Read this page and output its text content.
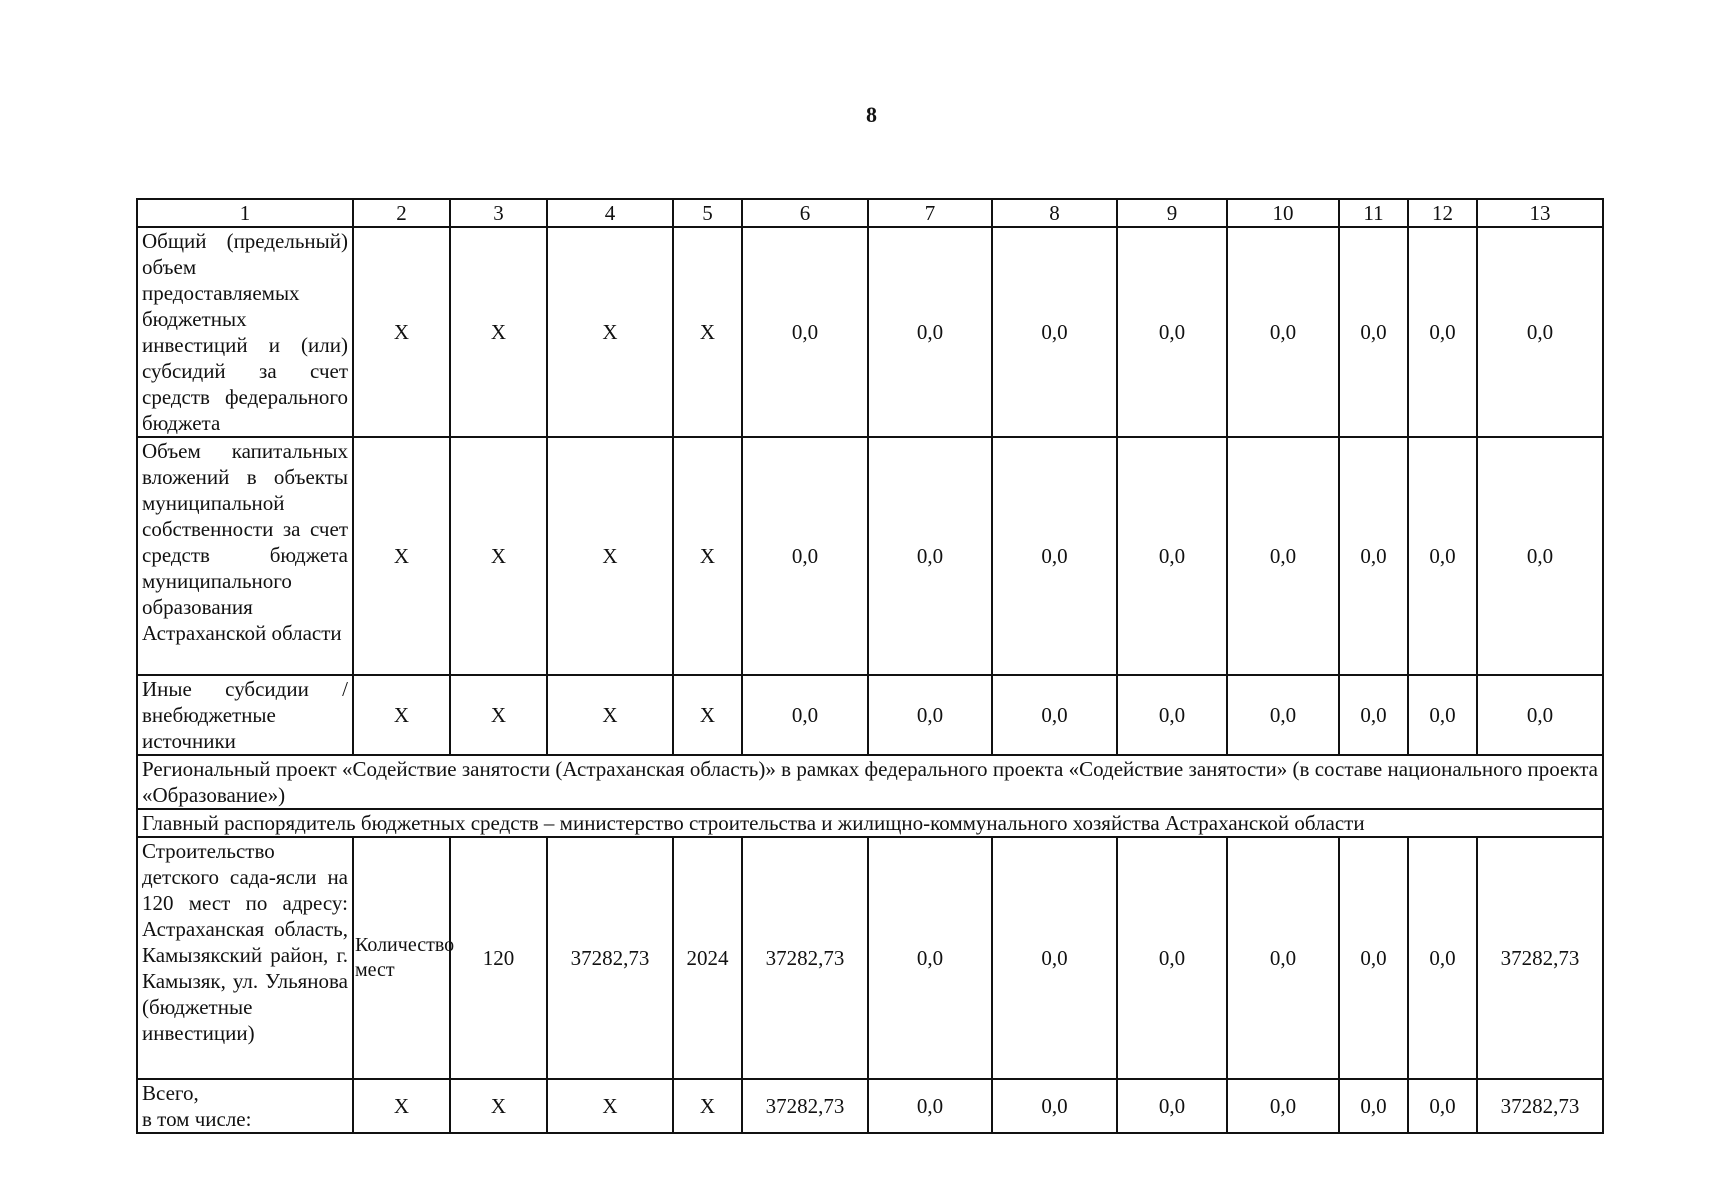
8
1	2	3	4	5	6	7	8	9	10	11	12	13
Общий (предельный) объем предоставляемых бюджетных инвестиций и (или) субсидий за счет средств федерального бюджета	X	X	X	X	0,0	0,0	0,0	0,0	0,0	0,0	0,0	0,0
Объем капитальных вложений в объекты муниципальной собственности за счет средств бюджета муниципального образования Астраханской области	X	X	X	X	0,0	0,0	0,0	0,0	0,0	0,0	0,0	0,0
Иные субсидии / внебюджетные источники	X	X	X	X	0,0	0,0	0,0	0,0	0,0	0,0	0,0	0,0
Региональный проект «Содействие занятости (Астраханская область)» в рамках федерального проекта «Содействие занятости» (в составе национального проекта «Образование»)												
Главный распорядитель бюджетных средств – министерство строительства и жилищно-коммунального хозяйства Астраханской области												
Строительство детского сада-ясли на 120 мест по адресу: Астраханская область, Камызякский район, г. Камызяк, ул. Ульянова (бюджетные инвестиции)	Количество мест	120	37282,73	2024	37282,73	0,0	0,0	0,0	0,0	0,0	0,0	37282,73
Всего,
в том числе:	X	X	X	X	37282,73	0,0	0,0	0,0	0,0	0,0	0,0	37282,73
